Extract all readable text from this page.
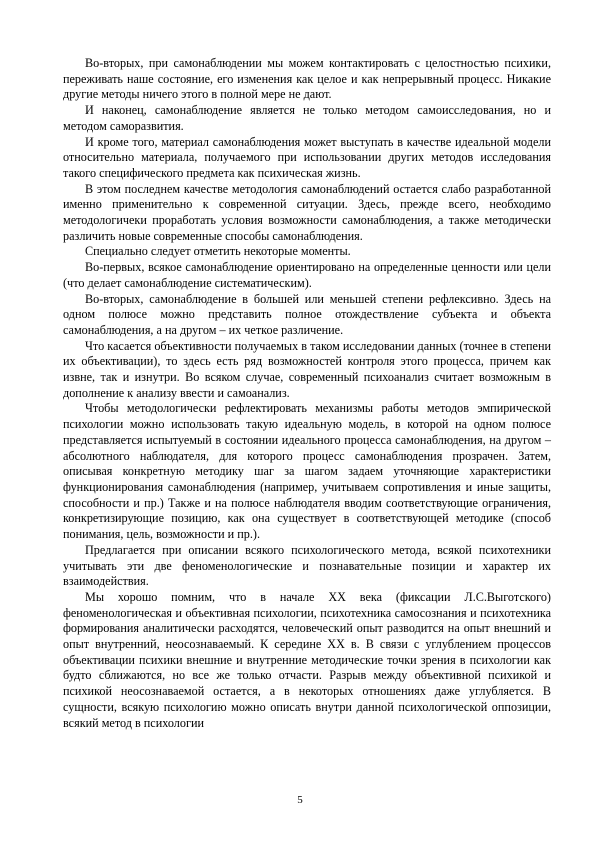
Во-вторых, при самонаблюдении мы можем контактировать с целостностью психики, переживать наше состояние, его изменения как целое и как непрерывный процесс. Никакие другие методы ничего этого в полной мере не дают.

И наконец, самонаблюдение является не только методом самоисследования, но и методом саморазвития.

И кроме того, материал самонаблюдения может выступать в качестве идеальной модели относительно материала, получаемого при использовании других методов исследования такого специфического предмета как психическая жизнь.

В этом последнем качестве методология самонаблюдений остается слабо разработанной именно применительно к современной ситуации. Здесь, прежде всего, необходимо методологичеки проработать условия возможности самонаблюдения, а также методически различить новые современные способы самонаблюдения.

Специально следует отметить некоторые моменты.

Во-первых, всякое самонаблюдение ориентировано на определенные ценности или цели (что делает самонаблюдение систематическим).

Во-вторых, самонаблюдение в большей или меньшей степени рефлексивно. Здесь на одном полюсе можно представить полное отождествление субъекта и объекта самонаблюдения, а на другом – их четкое различение.

Что касается объективности получаемых в таком исследовании данных (точнее в степени их объективации), то здесь есть ряд возможностей контроля этого процесса, причем как извне, так и изнутри. Во всяком случае, современный психоанализ считает возможным в дополнение к анализу ввести и самоанализ.

Чтобы методологически рефлектировать механизмы работы методов эмпирической психологии можно использовать такую идеальную модель, в которой на одном полюсе представляется испытуемый в состоянии идеального процесса самонаблюдения, на другом – абсолютного наблюдателя, для которого процесс самонаблюдения прозрачен. Затем, описывая конкретную методику шаг за шагом задаем уточняющие характеристики функционирования самонаблюдения (например, учитываем сопротивления и иные защиты, способности и пр.) Также и на полюсе наблюдателя вводим соответствующие ограничения, конкретизирующие позицию, как она существует в соответствующей методике (способ понимания, цель, возможности и пр.).

Предлагается при описании всякого психологического метода, всякой психотехники учитывать эти две феноменологические и познавательные позиции и характер их взаимодействия.

Мы хорошо помним, что в начале ХХ века (фиксации Л.С.Выготского) феноменологическая и объективная психологии, психотехника самосознания и психотехника формирования аналитически расходятся, человеческий опыт разводится на опыт внешний и опыт внутренний, неосознаваемый. К середине ХХ в. В связи с углублением процессов объективации психики внешние и внутренние методические точки зрения в психологии как будто сближаются, но все же только отчасти. Разрыв между объективной психикой и психикой неосознаваемой остается, а в некоторых отношениях даже углубляется. В сущности, всякую психологию можно описать внутри данной психологической оппозиции, всякий метод в психологии

5
